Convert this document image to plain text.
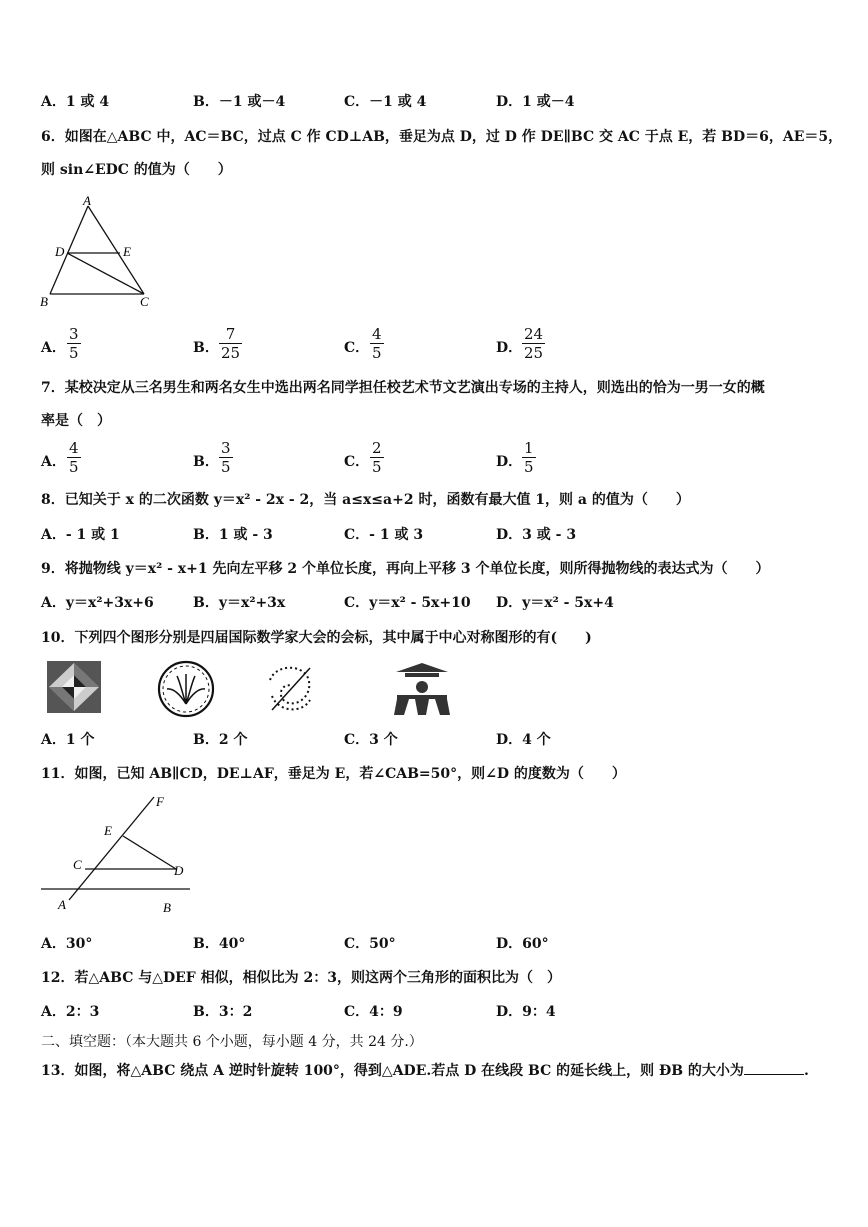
A．1 或 4	B．－1 或－4	C．－1 或 4	D．1 或－4
6．如图在△ABC 中，AC＝BC，过点 C 作 CD⊥AB，垂足为点 D，过 D 作 DE∥BC 交 AC 于点 E，若 BD＝6，AE＝5，
则 sin∠EDC 的值为（　　）
A
D	E
B	C
A．
3
5	B．
7
25	C．
4
5	D．
24
25
7．某校决定从三名男生和两名女生中选出两名同学担任校艺术节文艺演出专场的主持人，则选出的恰为一男一女的概
率是（　）
A．
4
5	B．
3
5	C．
2
5	D．
1
5
8．已知关于 x 的二次函数 y＝x² - 2x - 2，当 a≤x≤a+2 时，函数有最大值 1，则 a 的值为（　　）
A．- 1 或 1	B．1 或 - 3	C．- 1 或 3	D．3 或 - 3
9．将抛物线 y＝x² - x+1 先向左平移 2 个单位长度，再向上平移 3 个单位长度，则所得抛物线的表达式为（　　）
A．y＝x²+3x+6	B．y＝x²+3x	C．y＝x² - 5x+10 D．y＝x² - 5x+4
10．下列四个图形分别是四届国际数学家大会的会标，其中属于中心对称图形的有(　　)
A．1 个	B．2 个	C．3 个	D．4 个
11．如图，已知 AB∥CD，DE⊥AF，垂足为 E，若∠CAB=50°，则∠D 的度数为（　　）
F
E
C	D
A	B
A．30°	B．40°	C．50°	D．60°
12．若△ABC 与△DEF 相似，相似比为 2：3，则这两个三角形的面积比为（　）
A．2：3	B．3：2	C．4：9	D．9：4
二、填空题：（本大题共 6 个小题，每小题 4 分，共 24 分.）
13．如图，将△ABC 绕点 A 逆时针旋转 100°，得到△ADE.若点 D 在线段 BC 的延长线上，则 ÐB 的大小为	.
